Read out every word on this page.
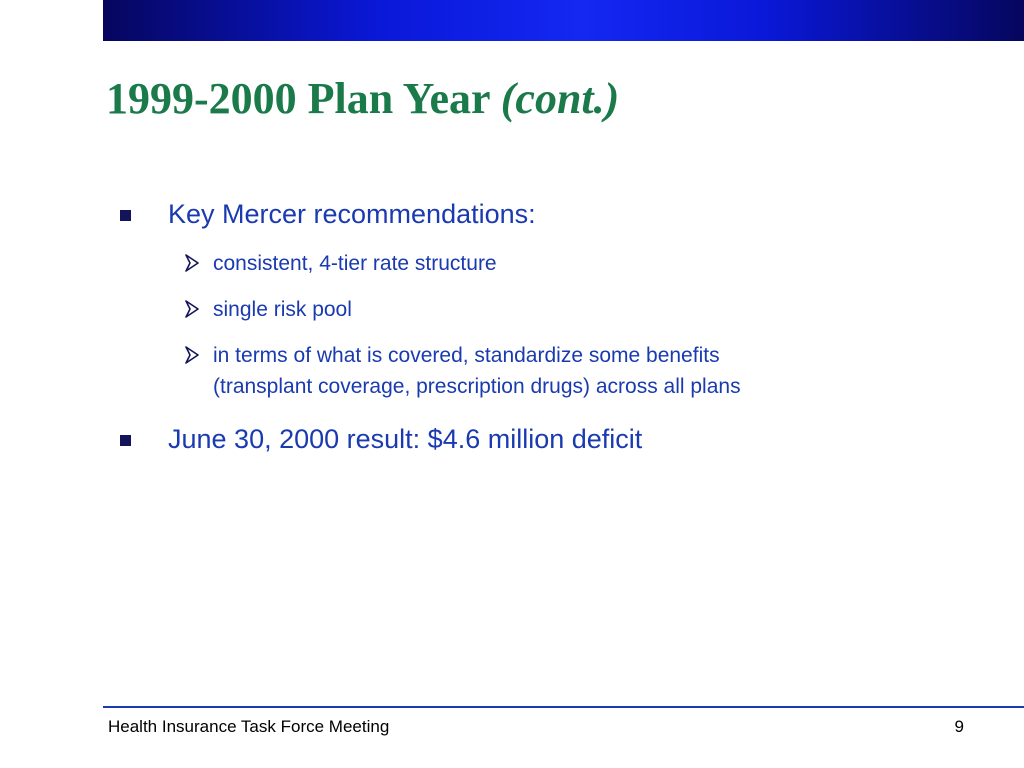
1999-2000 Plan Year (cont.)
Key Mercer recommendations:
consistent, 4-tier rate structure
single risk pool
in terms of what is covered, standardize some benefits
(transplant coverage, prescription drugs) across all plans
June 30, 2000 result: $4.6 million deficit
Health Insurance Task Force Meeting	9
